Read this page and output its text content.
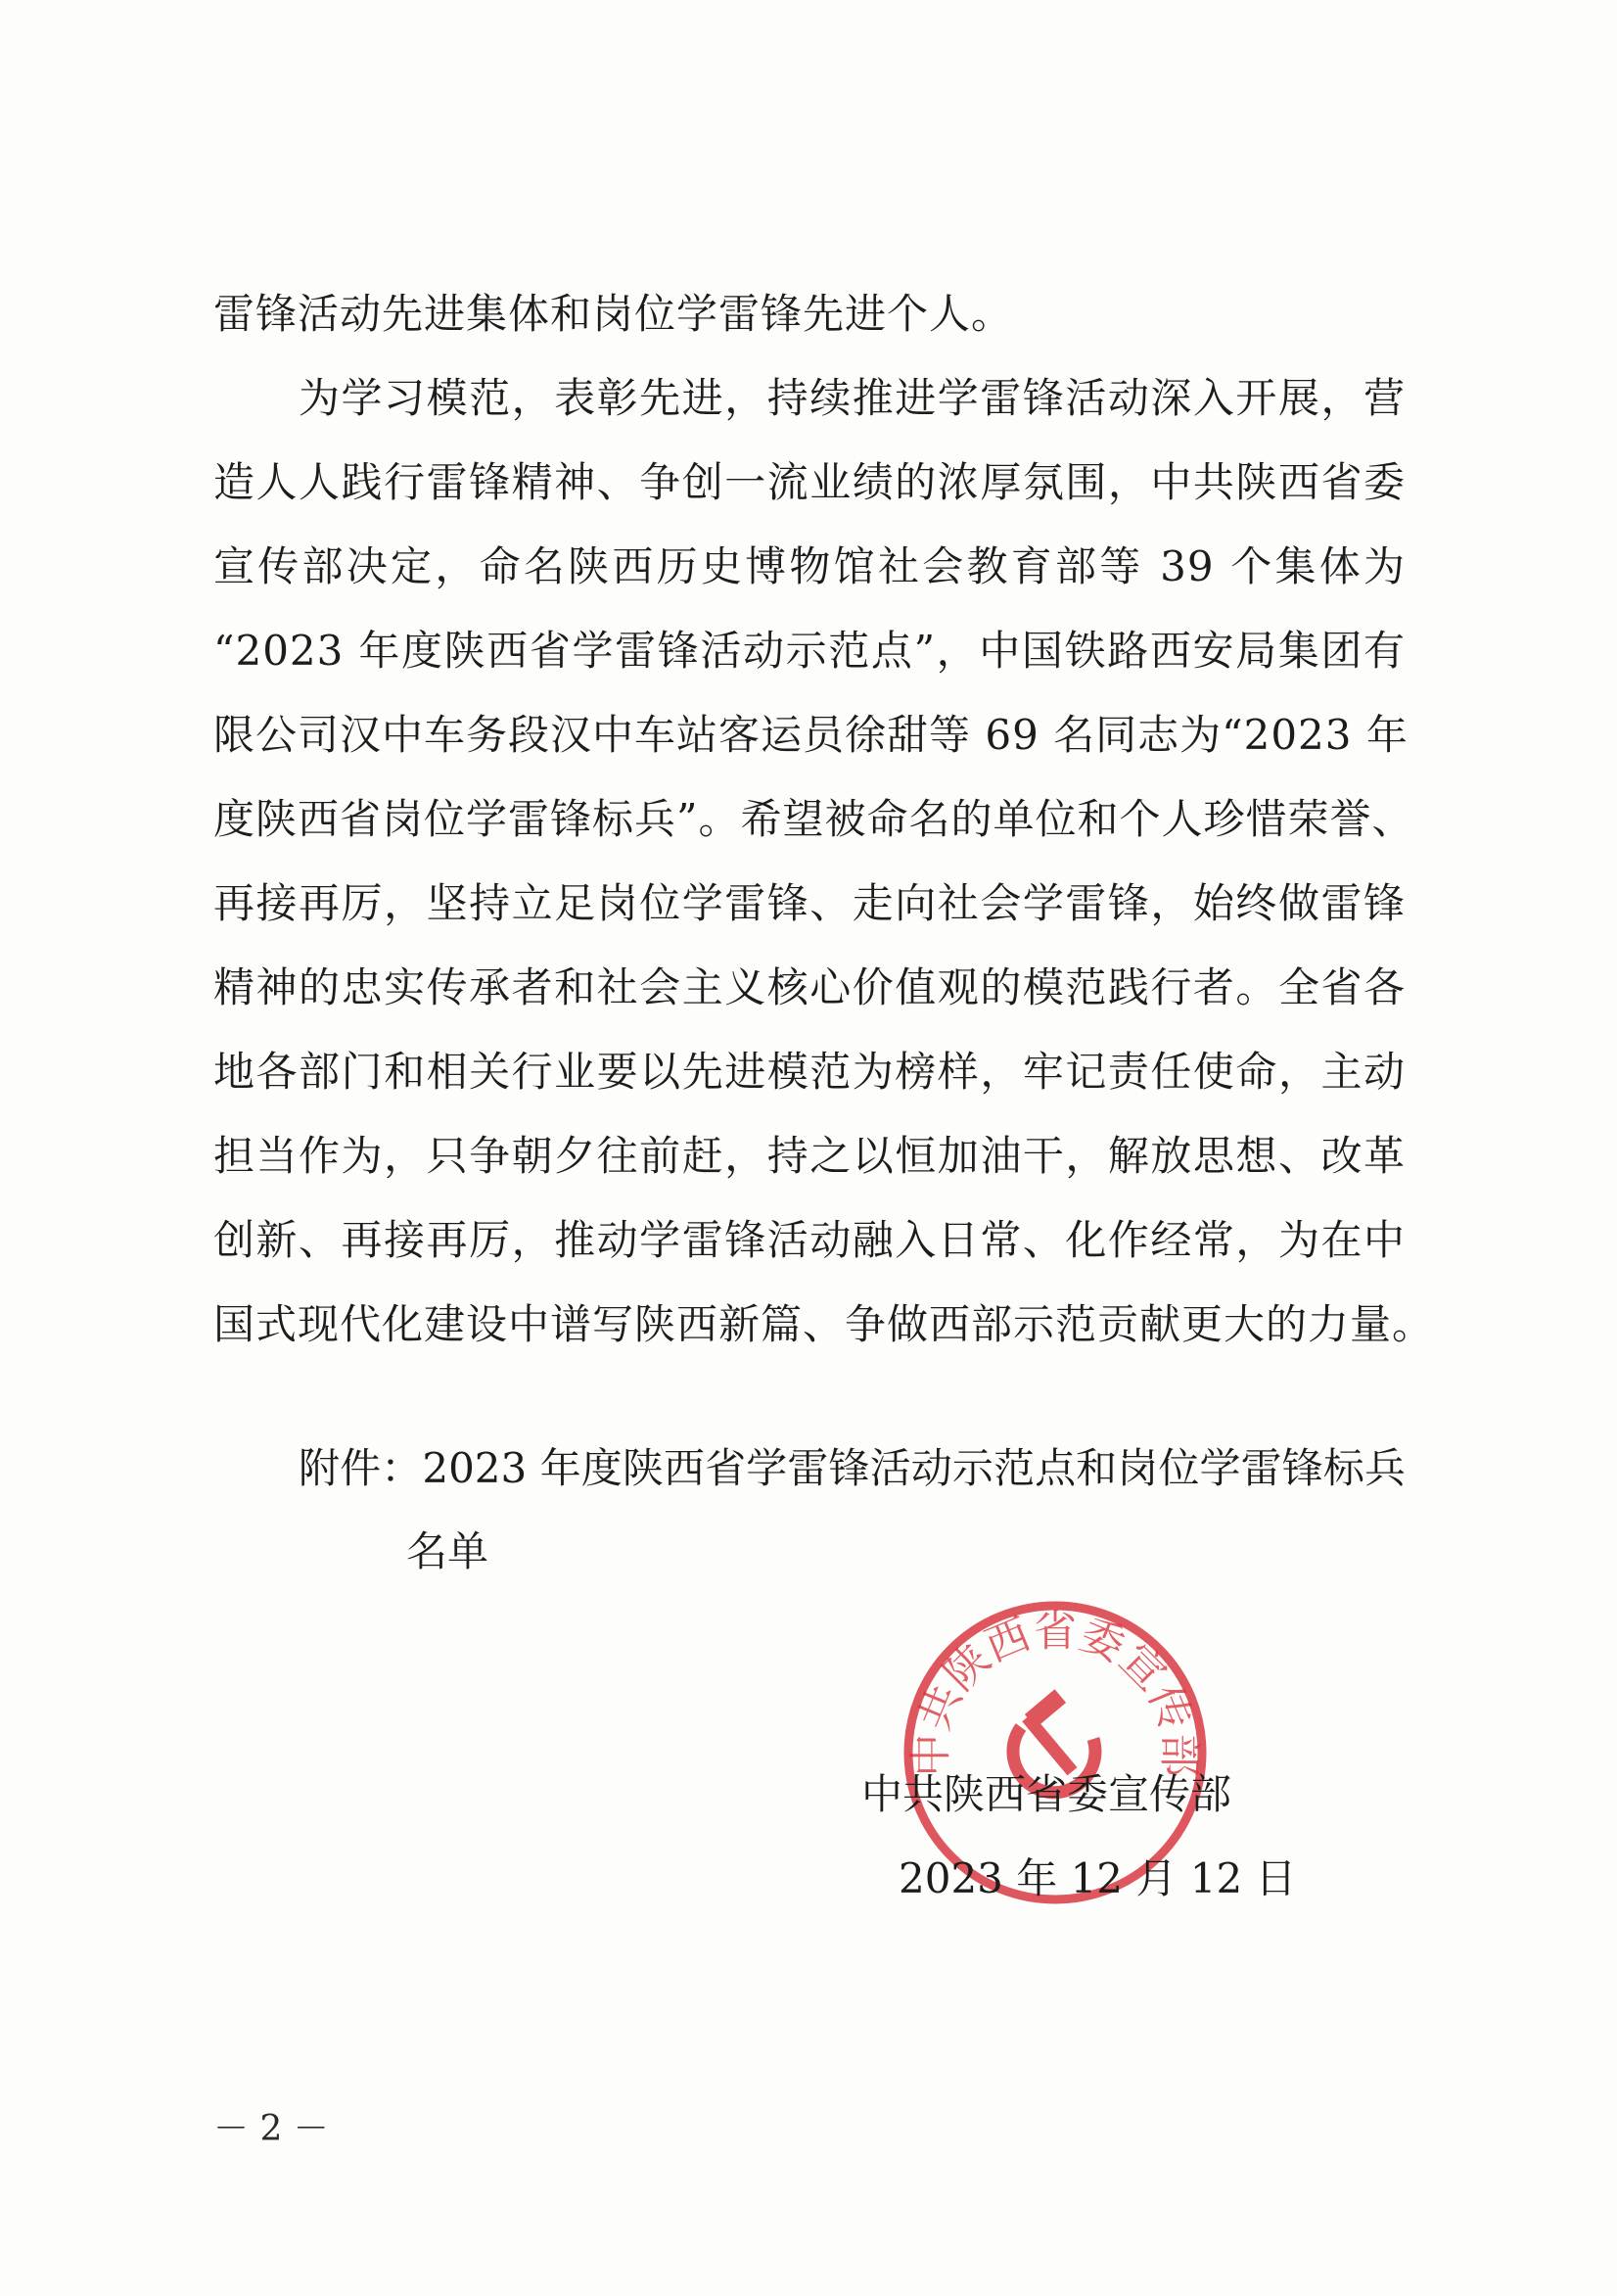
雷锋活动先进集体和岗位学雷锋先进个人。
为学习模范，表彰先进，持续推进学雷锋活动深入开展，营
造人人践行雷锋精神、争创一流业绩的浓厚氛围，中共陕西省委
宣传部决定，命名陕西历史博物馆社会教育部等 39 个集体为
“2023 年度陕西省学雷锋活动示范点”，中国铁路西安局集团有
限公司汉中车务段汉中车站客运员徐甜等 69 名同志为“2023 年
度陕西省岗位学雷锋标兵”。希望被命名的单位和个人珍惜荣誉、
再接再厉，坚持立足岗位学雷锋、走向社会学雷锋，始终做雷锋
精神的忠实传承者和社会主义核心价值观的模范践行者。全省各
地各部门和相关行业要以先进模范为榜样，牢记责任使命，主动
担当作为，只争朝夕往前赶，持之以恒加油干，解放思想、改革
创新、再接再厉，推动学雷锋活动融入日常、化作经常，为在中
国式现代化建设中谱写陕西新篇、争做西部示范贡献更大的力量。
附件：2023 年度陕西省学雷锋活动示范点和岗位学雷锋标兵
名单
中共陕西省委宣传部
中共陕西省委宣传部
2023 年 12 月 12 日
－ 2 －
